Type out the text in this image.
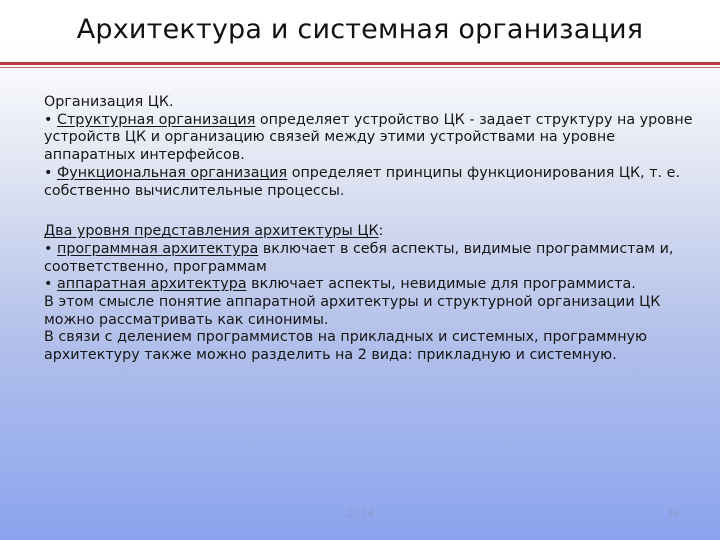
Архитектура и системная организация

Организация ЦК.

• Структурная организация определяет устройство ЦК - задает структуру на уровне устройств ЦК и организацию связей между этими устройствами на уровне аппаратных интерфейсов.

• Функциональная организация определяет принципы функционирования ЦК, т. е. собственно вычислительные процессы.

Два уровня представления архитектуры ЦК:

• программная архитектура включает в себя аспекты, видимые программистам и, соответственно, программам

• аппаратная архитектура включает аспекты, невидимые для программиста.

В этом смысле понятие аппаратной архитектуры и структурной организации ЦК можно рассматривать как синонимы.

В связи с делением программистов на прикладных и системных, программную архитектуру также можно разделить на 2 вида: прикладную и системную.

2014	39
